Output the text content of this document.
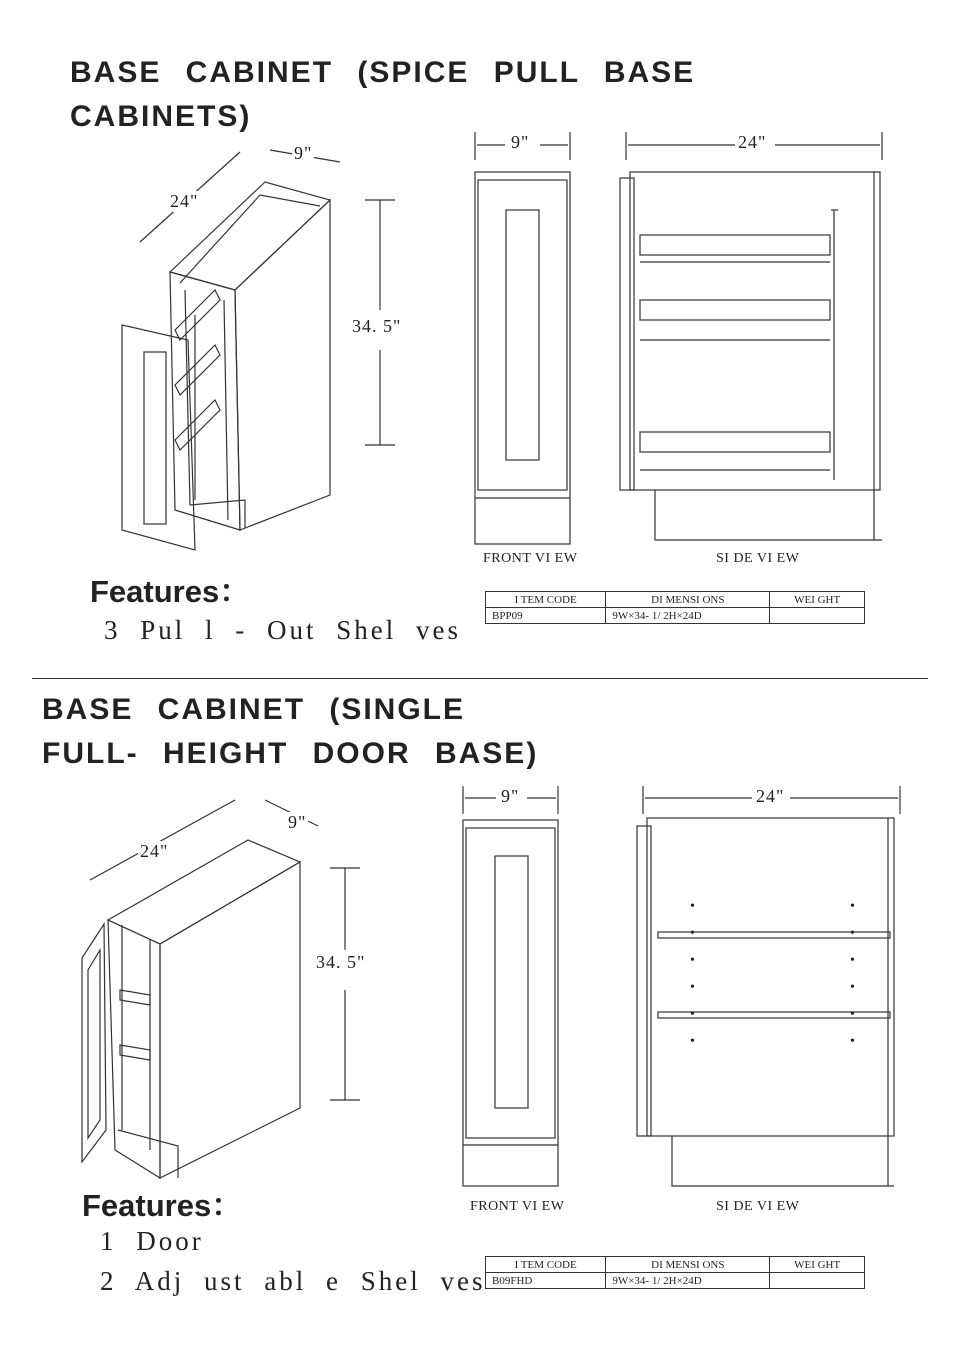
BASE CABINET (SPICE PULL BASE
CABINETS)
9"
24"
34. 5"
9"	24"
FRONT VI EW	SI DE VI EW
Features：
3 Pul l - Out Shel ves
I TEM CODE	DI MENSI ONS	WEI GHT
BPP09	9W×34- 1/ 2H×24D	
BASE CABINET (SINGLE
FULL- HEIGHT DOOR BASE)
•
•
•
•
•
•
•
•
•
•
•
•
9"
24"
34. 5"
9"	24"
FRONT VI EW	SI DE VI EW
Features：
1 Door
2 Adj ust abl e Shel ves
I TEM CODE	DI MENSI ONS	WEI GHT
B09FHD	9W×34- 1/ 2H×24D	
